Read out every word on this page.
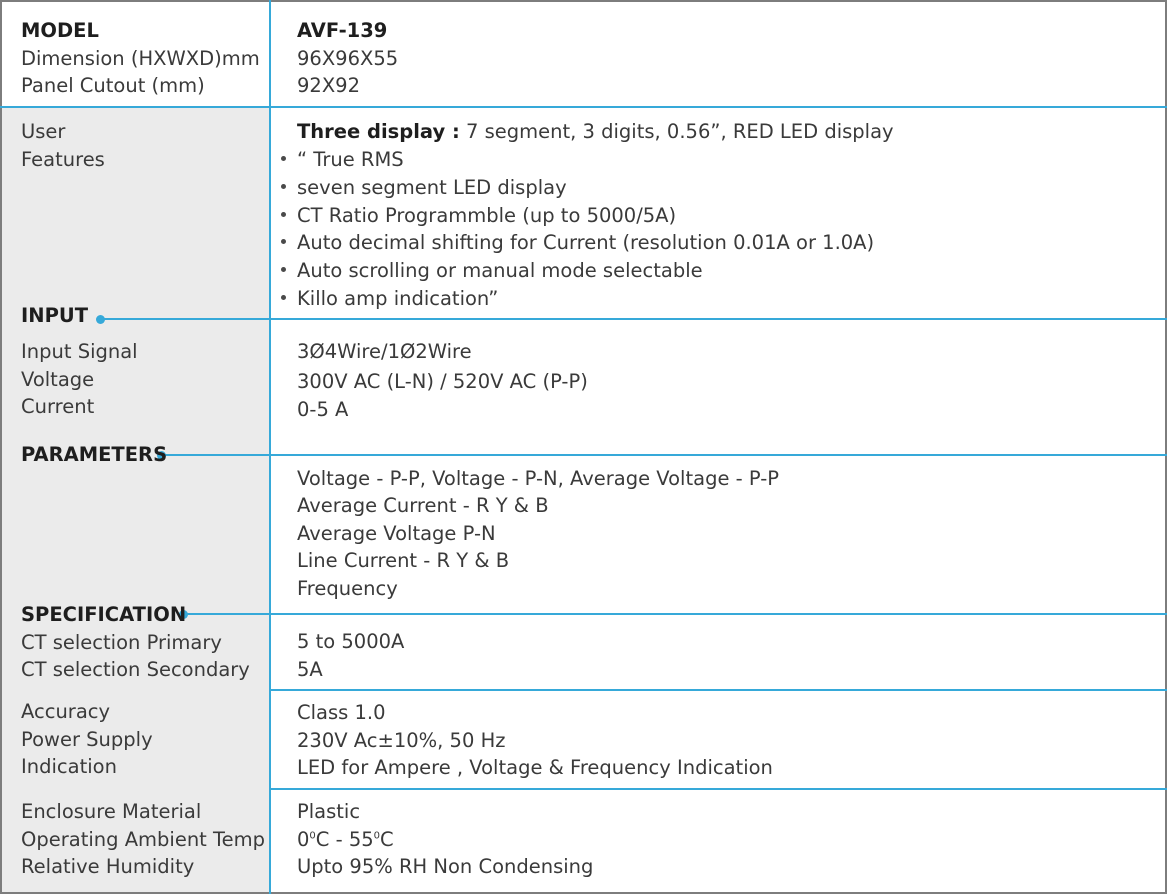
MODEL
Dimension (HXWXD)mm
Panel Cutout (mm)
AVF-139
96X96X55
92X92
User
Features
Three display : 7 segment, 3 digits, 0.56”, RED LED display
“ True RMS
seven segment LED display
CT Ratio Programmble (up to 5000/5A)
Auto decimal shifting for Current (resolution 0.01A or 1.0A)
Auto scrolling or manual mode selectable
Killo amp indication”
INPUT
Input Signal
Voltage
Current
3Ø4Wire/1Ø2Wire
300V AC (L-N) / 520V AC (P-P)
0-5 A
PARAMETERS
Voltage - P-P, Voltage - P-N, Average Voltage - P-P
Average Current - R Y & B
Average Voltage P-N
Line Current - R Y & B
Frequency
SPECIFICATION
CT selection Primary
CT selection Secondary
5 to 5000A
5A
Accuracy
Power Supply
Indication
Class 1.0
230V Ac±10%, 50 Hz
LED for Ampere , Voltage & Frequency Indication
Enclosure Material
Operating Ambient Temp
Relative Humidity
Plastic
$0^0C - 55^0C$
Upto 95% RH Non Condensing
